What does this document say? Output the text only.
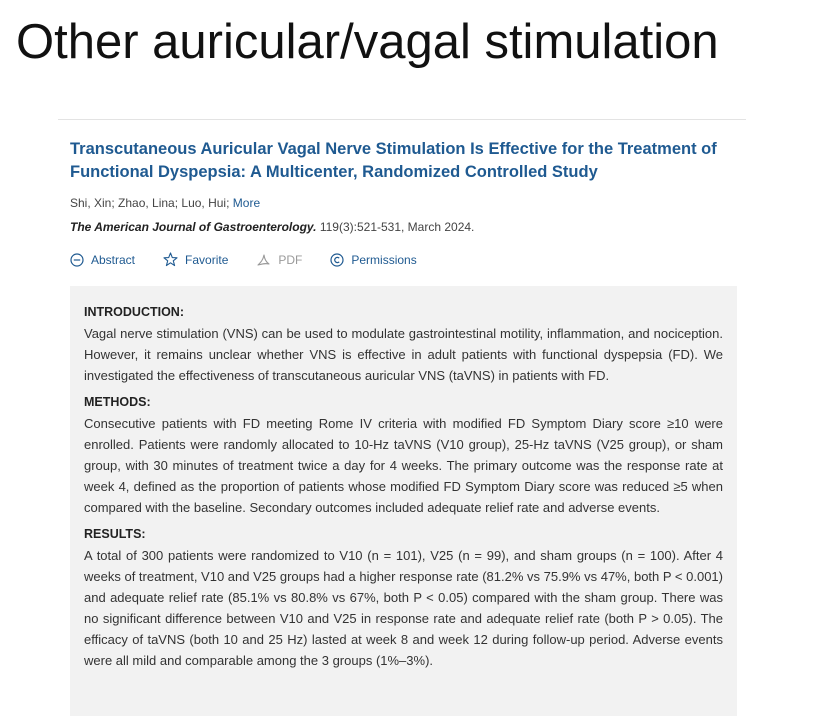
Other auricular/vagal stimulation
Transcutaneous Auricular Vagal Nerve Stimulation Is Effective for the Treatment of Functional Dyspepsia: A Multicenter, Randomized Controlled Study
Shi, Xin; Zhao, Lina; Luo, Hui; More
The American Journal of Gastroenterology. 119(3):521-531, March 2024.
Abstract	Favorite	PDF	Permissions
INTRODUCTION:

Vagal nerve stimulation (VNS) can be used to modulate gastrointestinal motility, inflammation, and nociception. However, it remains unclear whether VNS is effective in adult patients with functional dyspepsia (FD). We investigated the effectiveness of transcutaneous auricular VNS (taVNS) in patients with FD.

METHODS:

Consecutive patients with FD meeting Rome IV criteria with modified FD Symptom Diary score ≥10 were enrolled. Patients were randomly allocated to 10-Hz taVNS (V10 group), 25-Hz taVNS (V25 group), or sham group, with 30 minutes of treatment twice a day for 4 weeks. The primary outcome was the response rate at week 4, defined as the proportion of patients whose modified FD Symptom Diary score was reduced ≥5 when compared with the baseline. Secondary outcomes included adequate relief rate and adverse events.

RESULTS:

A total of 300 patients were randomized to V10 (n = 101), V25 (n = 99), and sham groups (n = 100). After 4 weeks of treatment, V10 and V25 groups had a higher response rate (81.2% vs 75.9% vs 47%, both P < 0.001) and adequate relief rate (85.1% vs 80.8% vs 67%, both P < 0.05) compared with the sham group. There was no significant difference between V10 and V25 in response rate and adequate relief rate (both P > 0.05). The efficacy of taVNS (both 10 and 25 Hz) lasted at week 8 and week 12 during follow-up period. Adverse events were all mild and comparable among the 3 groups (1%–3%).
